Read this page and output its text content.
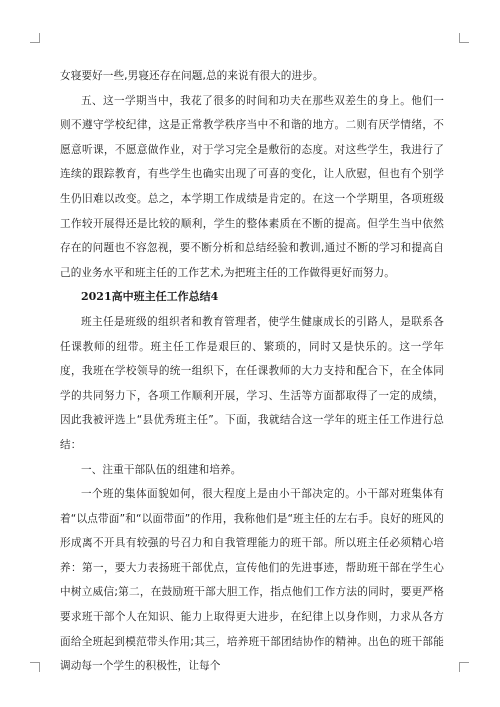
女寝要好一些,男寝还存在问题,总的来说有很大的进步。

五、这一学期当中，我花了很多的时间和功夫在那些双差生的身上。他们一则不遵守学校纪律，这是正常教学秩序当中不和谐的地方。二则有厌学情绪，不愿意听课，不愿意做作业，对于学习完全是敷衍的态度。对这些学生，我进行了连续的跟踪教育，有些学生也确实出现了可喜的变化，让人欣慰，但也有个别学生仍旧难以改变。总之，本学期工作成绩是肯定的。在这一个学期里，各项班级工作较开展得还是比较的顺利，学生的整体素质在不断的提高。但学生当中依然存在的问题也不容忽视，要不断分析和总结经验和教训,通过不断的学习和提高自己的业务水平和班主任的工作艺术,为把班主任的工作做得更好而努力。

2021高中班主任工作总结4

班主任是班级的组织者和教育管理者，使学生健康成长的引路人，是联系各任课教师的纽带。班主任工作是艰巨的、繁琐的，同时又是快乐的。这一学年度，我班在学校领导的统一组织下，在任课教师的大力支持和配合下，在全体同学的共同努力下，各项工作顺利开展，学习、生活等方面都取得了一定的成绩，因此我被评选上“县优秀班主任”。下面，我就结合这一学年的班主任工作进行总结：

一、注重干部队伍的组建和培养。

一个班的集体面貌如何，很大程度上是由小干部决定的。小干部对班集体有着“以点带面”和“以面带面”的作用，我称他们是“班主任的左右手。良好的班风的形成离不开具有较强的号召力和自我管理能力的班干部。所以班主任必须精心培养：第一，要大力表扬班干部优点，宣传他们的先进事迹，帮助班干部在学生心中树立威信;第二，在鼓励班干部大胆工作，指点他们工作方法的同时，要更严格要求班干部个人在知识、能力上取得更大进步，在纪律上以身作则，力求从各方面给全班起到模范带头作用;其三，培养班干部团结协作的精神。出色的班干部能调动每一个学生的积极性，让每个
